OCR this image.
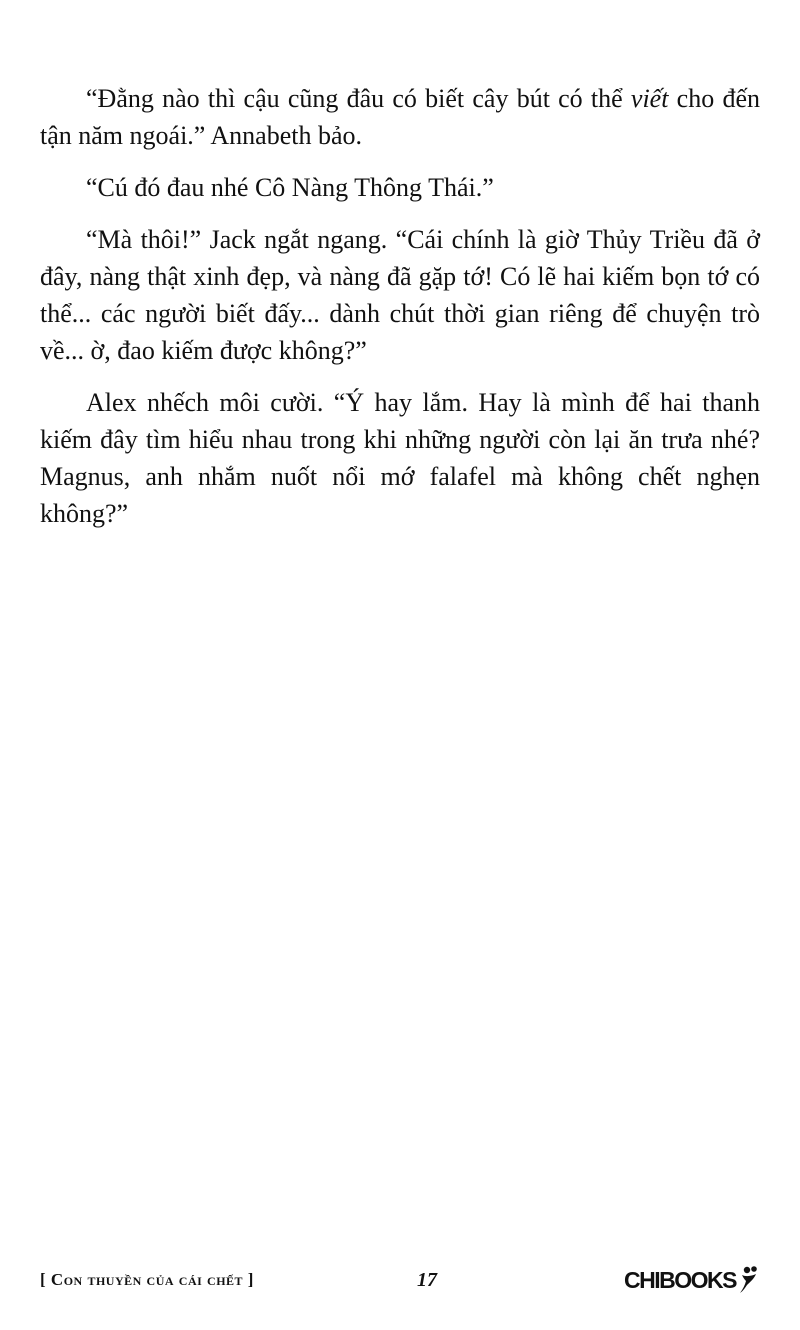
“Đằng nào thì cậu cũng đâu có biết cây bút có thể viết cho đến tận năm ngoái.” Annabeth bảo.

“Cú đó đau nhé Cô Nàng Thông Thái.”

“Mà thôi!” Jack ngắt ngang. “Cái chính là giờ Thủy Triều đã ở đây, nàng thật xinh đẹp, và nàng đã gặp tớ! Có lẽ hai kiếm bọn tớ có thể... các người biết đấy... dành chút thời gian riêng để chuyện trò về... ờ, đao kiếm được không?”

Alex nhếch môi cười. “Ý hay lắm. Hay là mình để hai thanh kiếm đây tìm hiểu nhau trong khi những người còn lại ăn trưa nhé? Magnus, anh nhắm nuốt nổi mớ falafel mà không chết nghẹn không?”

[ Con thuyền của cái chết ]	17	CHIBOOKS
